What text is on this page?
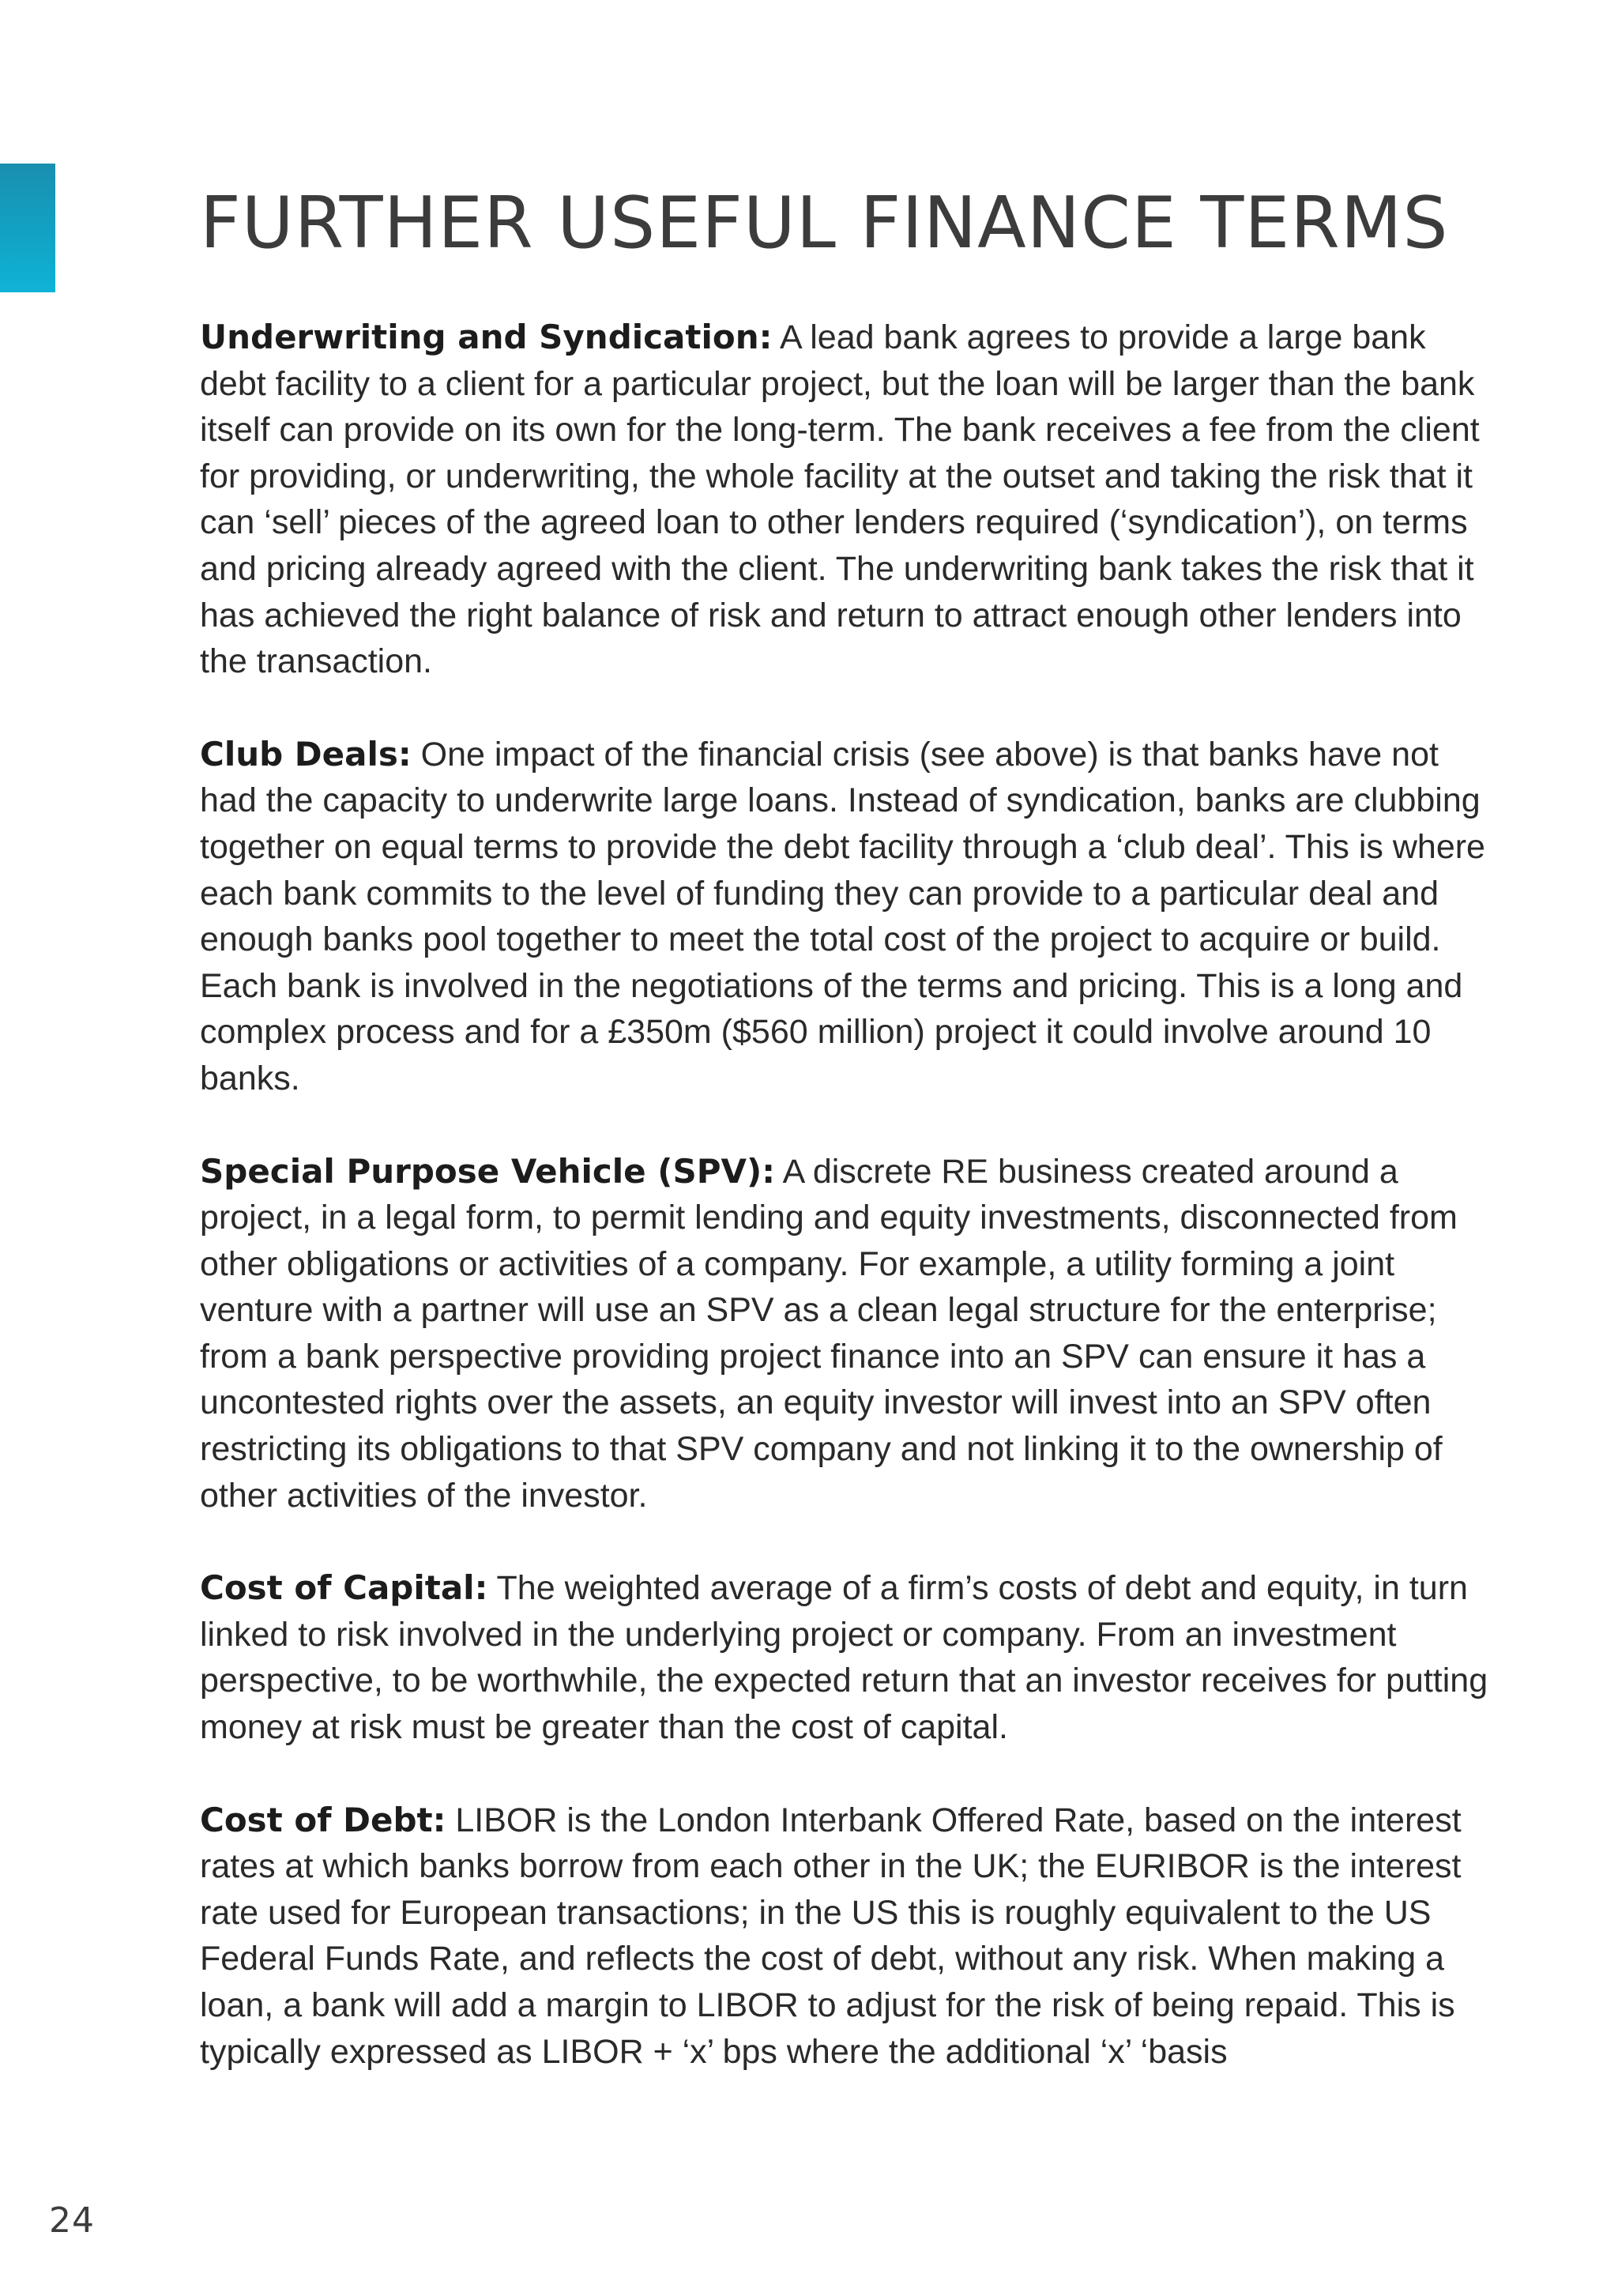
FURTHER USEFUL FINANCE TERMS

Underwriting and Syndication: A lead bank agrees to provide a large bank debt facility to a client for a particular project, but the loan will be larger than the bank itself can provide on its own for the long-term. The bank receives a fee from the client for providing, or underwriting, the whole facility at the outset and taking the risk that it can ‘sell’ pieces of the agreed loan to other lenders required (‘syndication’), on terms and pricing already agreed with the client. The underwriting bank takes the risk that it has achieved the right balance of risk and return to attract enough other lenders into the transaction.

Club Deals: One impact of the financial crisis (see above) is that banks have not had the capacity to underwrite large loans. Instead of syndication, banks are clubbing together on equal terms to provide the debt facility through a ‘club deal’. This is where each bank commits to the level of funding they can provide to a particular deal and enough banks pool together to meet the total cost of the project to acquire or build. Each bank is involved in the negotiations of the terms and pricing. This is a long and complex process and for a £350m ($560 million) project it could involve around 10 banks.

Special Purpose Vehicle (SPV): A discrete RE business created around a project, in a legal form, to permit lending and equity investments, disconnected from other obligations or activities of a company. For example, a utility forming a joint venture with a partner will use an SPV as a clean legal structure for the enterprise; from a bank perspective providing project finance into an SPV can ensure it has a uncontested rights over the assets, an equity investor will invest into an SPV often restricting its obligations to that SPV company and not linking it to the ownership of other activities of the investor.

Cost of Capital: The weighted average of a firm’s costs of debt and equity, in turn linked to risk involved in the underlying project or company. From an investment perspective, to be worthwhile, the expected return that an investor receives for putting money at risk must be greater than the cost of capital.

Cost of Debt: LIBOR is the London Interbank Offered Rate, based on the interest rates at which banks borrow from each other in the UK; the EURIBOR is the interest rate used for European transactions; in the US this is roughly equivalent to the US Federal Funds Rate, and reflects the cost of debt, without any risk. When making a loan, a bank will add a margin to LIBOR to adjust for the risk of being repaid. This is typically expressed as LIBOR + ‘x’ bps where the additional ‘x’ ‘basis

24
